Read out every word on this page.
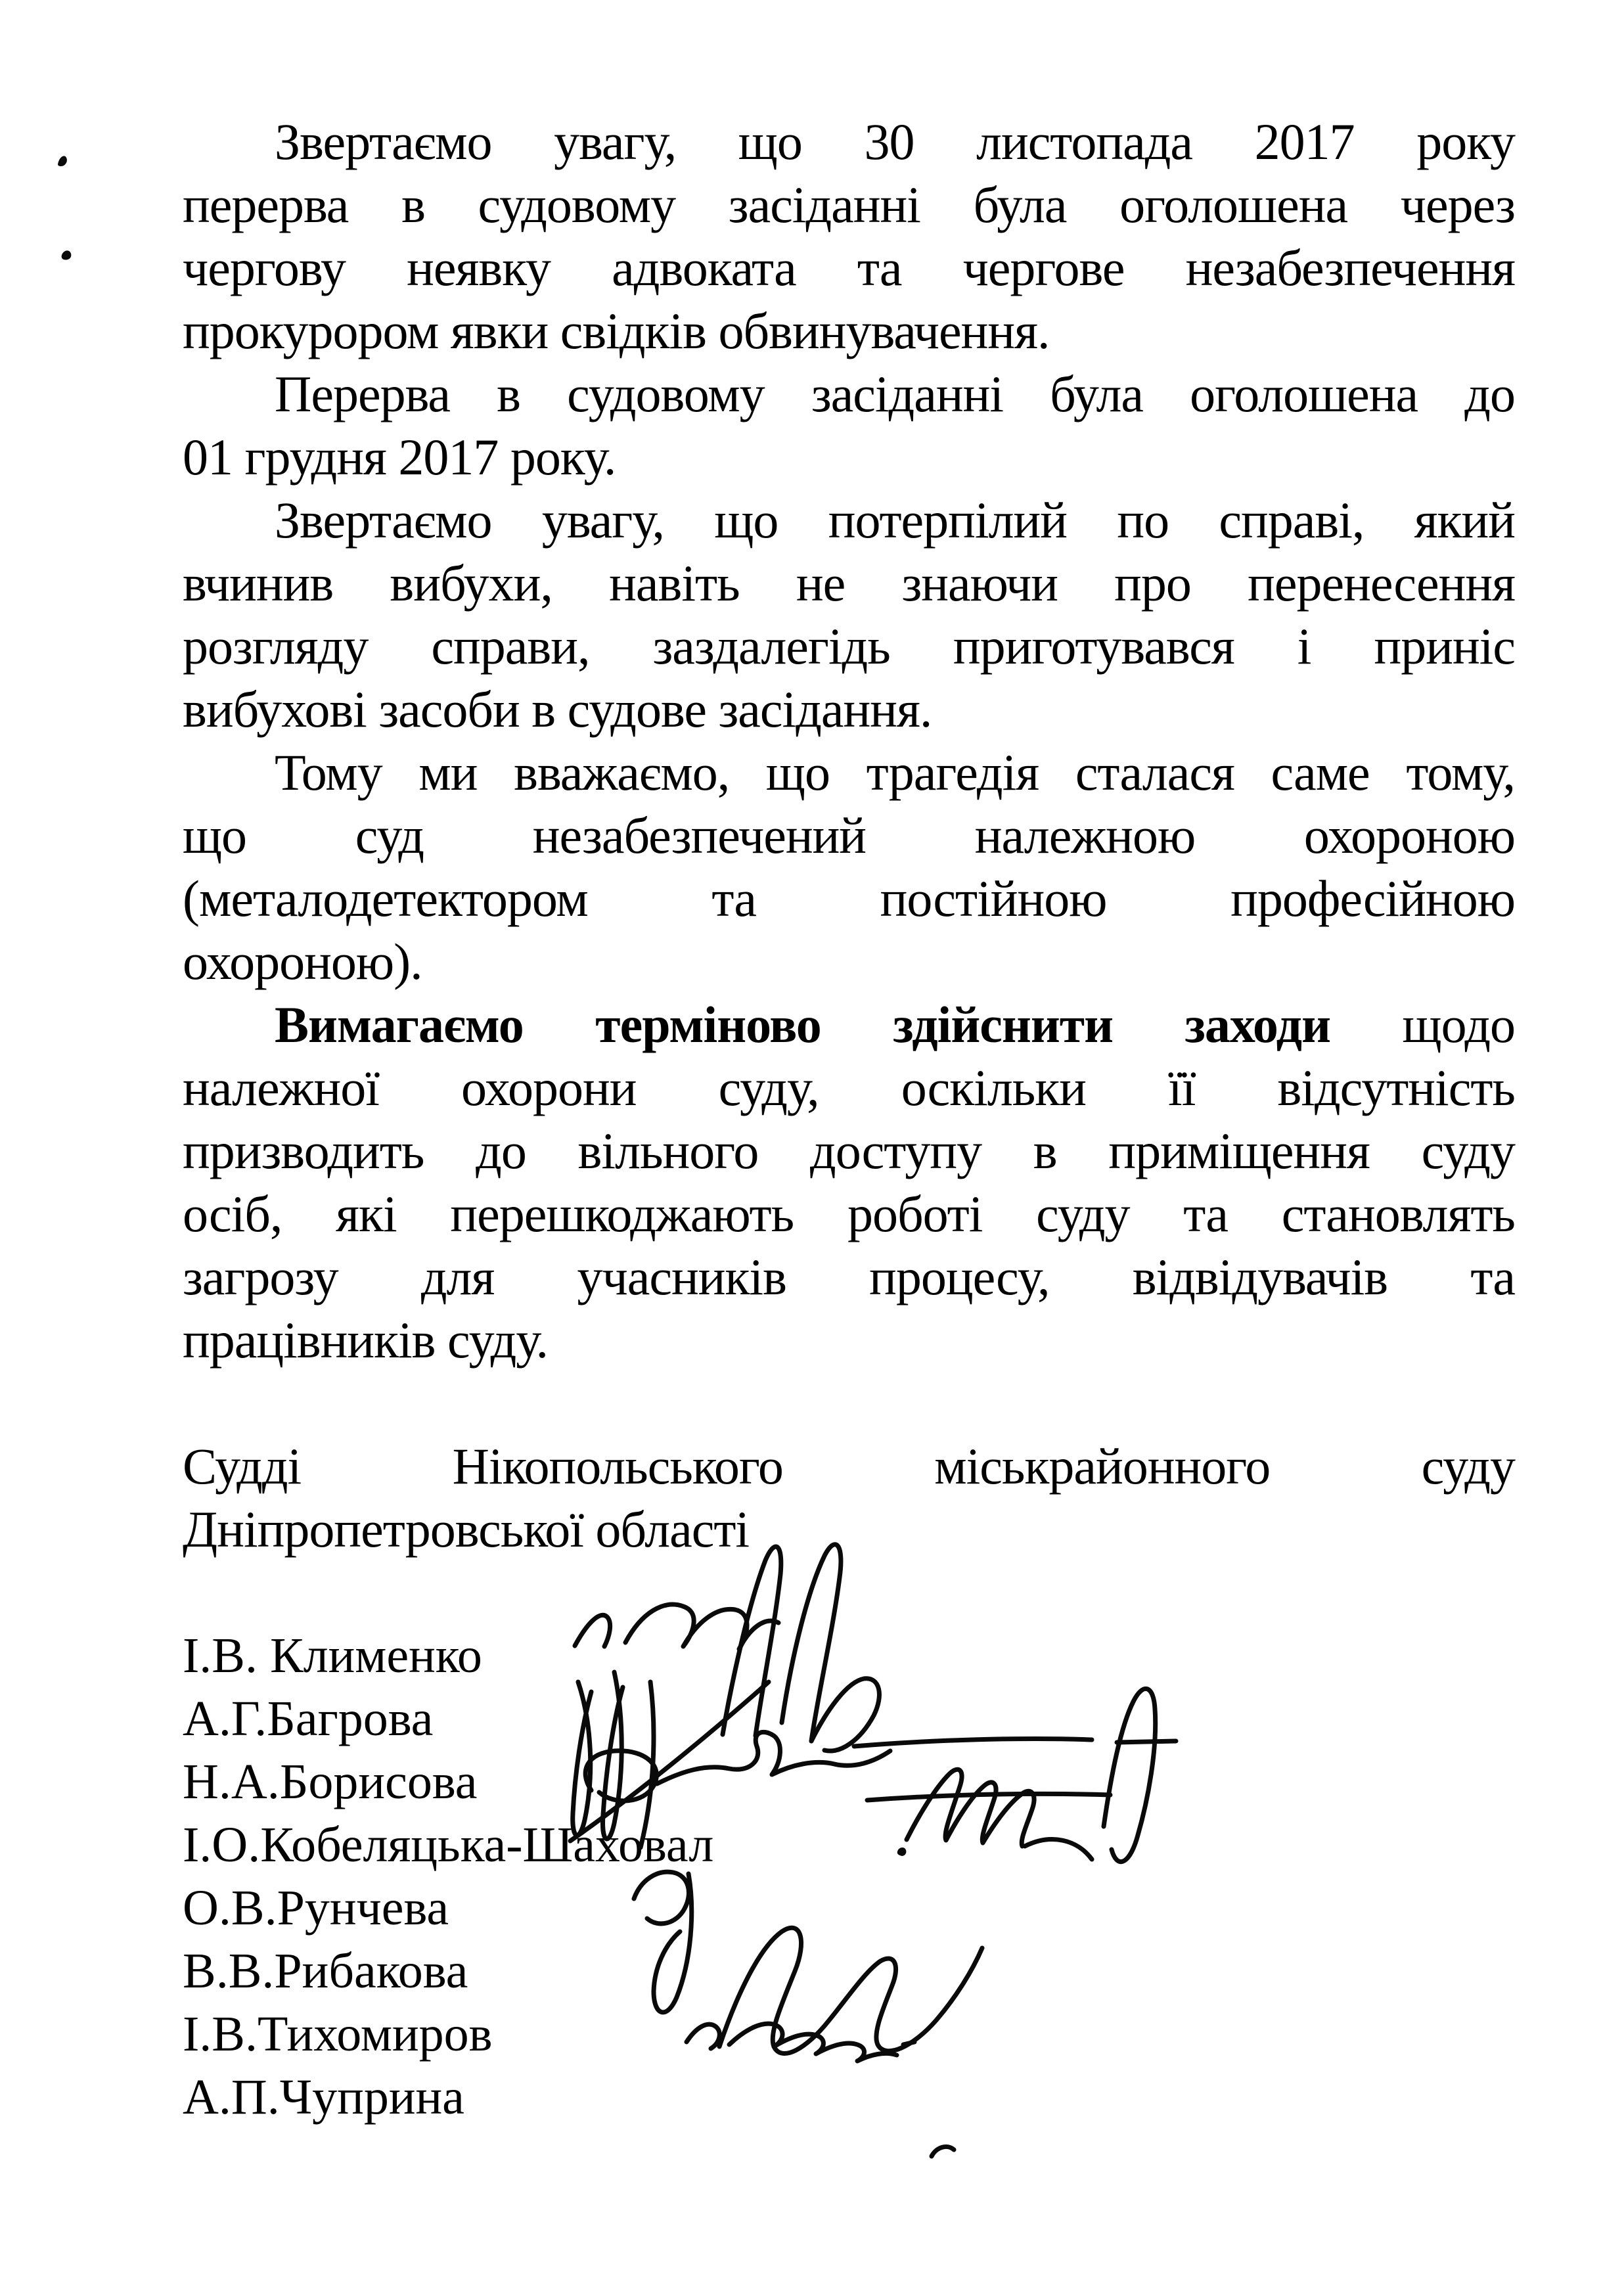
Звертаємо увагу, що 30 листопада 2017 року
перерва в судовому засіданні була оголошена через
чергову неявку адвоката та чергове незабезпечення
прокурором явки свідків обвинувачення.
Перерва в судовому засіданні була оголошена до
01 грудня 2017 року.
Звертаємо увагу, що потерпілий по справі, який
вчинив вибухи, навіть не знаючи про перенесення
розгляду справи, заздалегідь приготувався і приніс
вибухові засоби в судове засідання.
Тому ми вважаємо, що трагедія сталася саме тому,
що суд незабезпечений належною охороною
(металодетектором та постійною професійною
охороною).
Вимагаємо терміново здійснити заходи щодо
належної охорони суду, оскільки її відсутність
призводить до вільного доступу в приміщення суду
осіб, які перешкоджають роботі суду та становлять
загрозу для учасників процесу, відвідувачів та
працівників суду.
Судді Нікопольського міськрайонного суду
Дніпропетровської області
І.В. Клименко
А.Г.Багрова
Н.А.Борисова
І.О.Кобеляцька-Шаховал
О.В.Рунчева
В.В.Рибакова
І.В.Тихомиров
А.П.Чуприна
